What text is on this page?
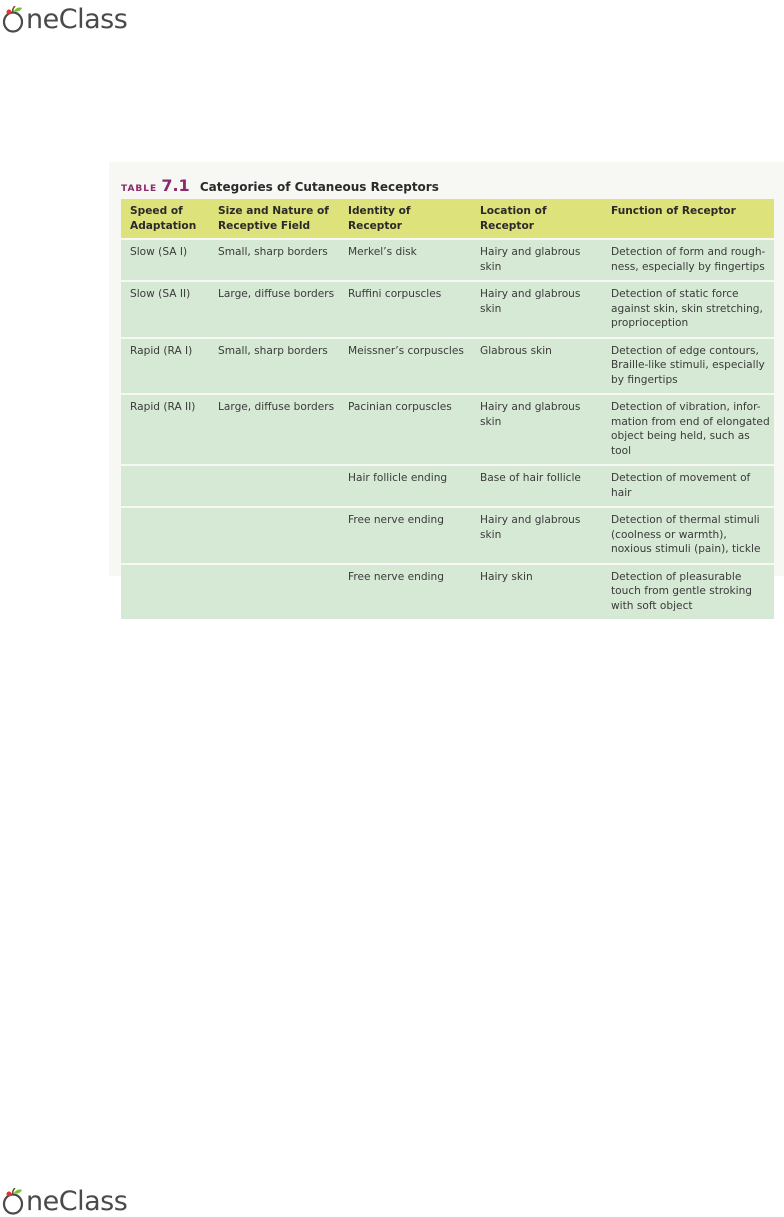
neClass
TABLE 7.1 Categories of Cutaneous Receptors
Speed of Adaptation	Size and Nature of Receptive Field	Identity of Receptor	Location of Receptor	Function of Receptor
Slow (SA I)	Small, sharp borders	Merkel’s disk	Hairy and glabrous skin	Detection of form and rough-ness, especially by fingertips
Slow (SA II)	Large, diffuse borders	Ruffini corpuscles	Hairy and glabrous skin	Detection of static force against skin, skin stretching, proprioception
Rapid (RA I)	Small, sharp borders	Meissner’s corpuscles	Glabrous skin	Detection of edge contours, Braille-like stimuli, especially by fingertips
Rapid (RA II)	Large, diffuse borders	Pacinian corpuscles	Hairy and glabrous skin	Detection of vibration, infor-mation from end of elongated object being held, such as tool
		Hair follicle ending	Base of hair follicle	Detection of movement of hair
		Free nerve ending	Hairy and glabrous skin	Detection of thermal stimuli (coolness or warmth), noxious stimuli (pain), tickle
		Free nerve ending	Hairy skin	Detection of pleasurable touch from gentle stroking with soft object
neClass
